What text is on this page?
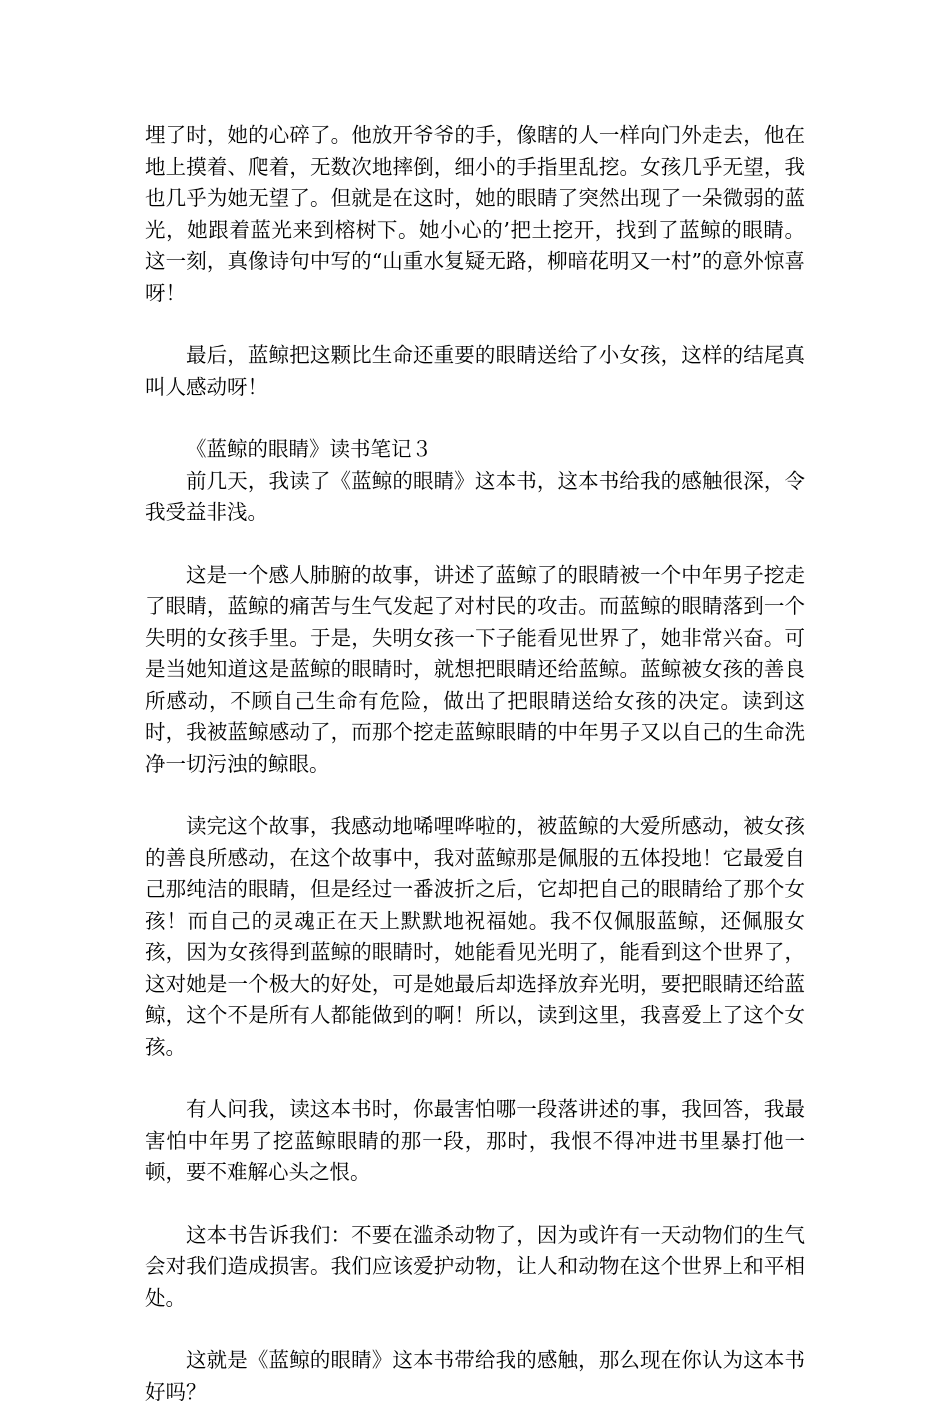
埋了时，她的心碎了。他放开爷爷的手，像瞎的人一样向门外走去，他在地上摸着、爬着，无数次地摔倒，细小的手指里乱挖。女孩几乎无望，我也几乎为她无望了。但就是在这时，她的眼睛了突然出现了一朵微弱的蓝光，她跟着蓝光来到榕树下。她小心的’把土挖开，找到了蓝鲸的眼睛。这一刻，真像诗句中写的“山重水复疑无路，柳暗花明又一村”的意外惊喜呀！

最后，蓝鲸把这颗比生命还重要的眼睛送给了小女孩，这样的结尾真叫人感动呀！

《蓝鲸的眼睛》读书笔记３

前几天，我读了《蓝鲸的眼睛》这本书，这本书给我的感触很深，令我受益非浅。

这是一个感人肺腑的故事，讲述了蓝鲸了的眼睛被一个中年男子挖走了眼睛，蓝鲸的痛苦与生气发起了对村民的攻击。而蓝鲸的眼睛落到一个失明的女孩手里。于是，失明女孩一下子能看见世界了，她非常兴奋。可是当她知道这是蓝鲸的眼睛时，就想把眼睛还给蓝鲸。蓝鲸被女孩的善良所感动，不顾自己生命有危险，做出了把眼睛送给女孩的决定。读到这时，我被蓝鲸感动了，而那个挖走蓝鲸眼睛的中年男子又以自己的生命洗净一切污浊的鲸眼。

读完这个故事，我感动地唏哩哗啦的，被蓝鲸的大爱所感动，被女孩的善良所感动，在这个故事中，我对蓝鲸那是佩服的五体投地！它最爱自己那纯洁的眼睛，但是经过一番波折之后，它却把自己的眼睛给了那个女孩！而自己的灵魂正在天上默默地祝福她。我不仅佩服蓝鲸，还佩服女孩，因为女孩得到蓝鲸的眼睛时，她能看见光明了，能看到这个世界了，这对她是一个极大的好处，可是她最后却选择放弃光明，要把眼睛还给蓝鲸，这个不是所有人都能做到的啊！所以，读到这里，我喜爱上了这个女孩。

有人问我，读这本书时，你最害怕哪一段落讲述的事，我回答，我最害怕中年男了挖蓝鲸眼睛的那一段，那时，我恨不得冲进书里暴打他一顿，要不难解心头之恨。

这本书告诉我们：不要在滥杀动物了，因为或许有一天动物们的生气会对我们造成损害。我们应该爱护动物，让人和动物在这个世界上和平相处。

这就是《蓝鲸的眼睛》这本书带给我的感触，那么现在你认为这本书好吗？
